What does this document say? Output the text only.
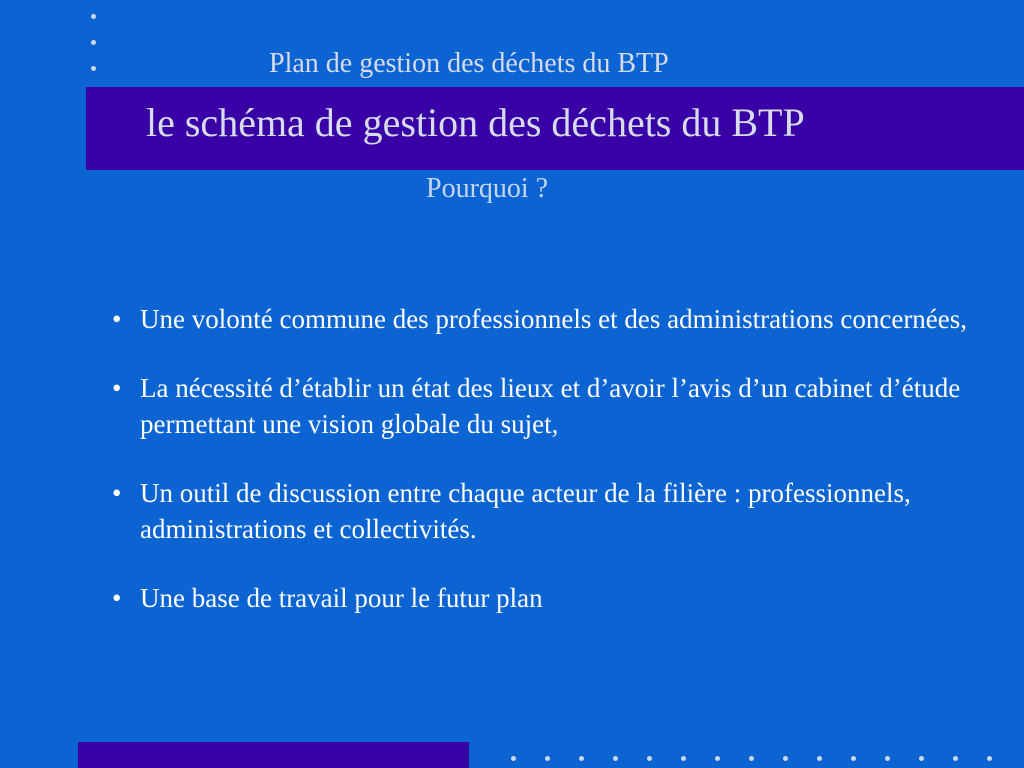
Plan de gestion des déchets du BTP
le schéma de gestion des déchets du BTP
Pourquoi ?
• Une volonté commune des professionnels et des administrations concernées,
• La nécessité d’établir un état des lieux et d’avoir l’avis d’un cabinet d’étude permettant une vision globale du sujet,
• Un outil de discussion entre chaque acteur de la filière : professionnels, administrations et collectivités.
• Une base de travail pour le futur plan
